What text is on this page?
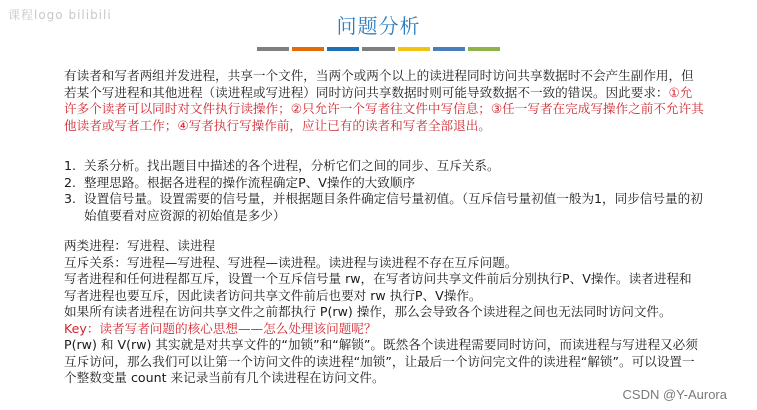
课程logo bilibili	问题分析
有读者和写者两组并发进程，共享一个文件，当两个或两个以上的读进程同时访问共享数据时不会产生副作用，但若某个写进程和其他进程（读进程或写进程）同时访问共享数据时则可能导致数据不一致的错误。因此要求：①允许多个读者可以同时对文件执行读操作；②只允许一个写者往文件中写信息；③任一写者在完成写操作之前不允许其他读者或写者工作；④写者执行写操作前，应让已有的读者和写者全部退出。
1. 关系分析。找出题目中描述的各个进程，分析它们之间的同步、互斥关系。
2. 整理思路。根据各进程的操作流程确定P、V操作的大致顺序
3. 设置信号量。设置需要的信号量，并根据题目条件确定信号量初值。（互斥信号量初值一般为1，同步信号量的初始值要看对应资源的初始值是多少）
两类进程：写进程、读进程
互斥关系：写进程—写进程、写进程—读进程。读进程与读进程不存在互斥问题。
写者进程和任何进程都互斥，设置一个互斥信号量 rw，在写者访问共享文件前后分别执行P、V操作。读者进程和写者进程也要互斥，因此读者访问共享文件前后也要对 rw 执行P、V操作。
如果所有读者进程在访问共享文件之前都执行 P(rw) 操作，那么会导致各个读进程之间也无法同时访问文件。Key：读者写者问题的核心思想——怎么处理该问题呢？
P(rw) 和 V(rw) 其实就是对共享文件的“加锁”和“解锁”。既然各个读进程需要同时访问，而读进程与写进程又必须互斥访问，那么我们可以让第一个访问文件的读进程“加锁”，让最后一个访问完文件的读进程“解锁”。可以设置一个整数变量 count 来记录当前有几个读进程在访问文件。
CSDN @Y-Aurora
